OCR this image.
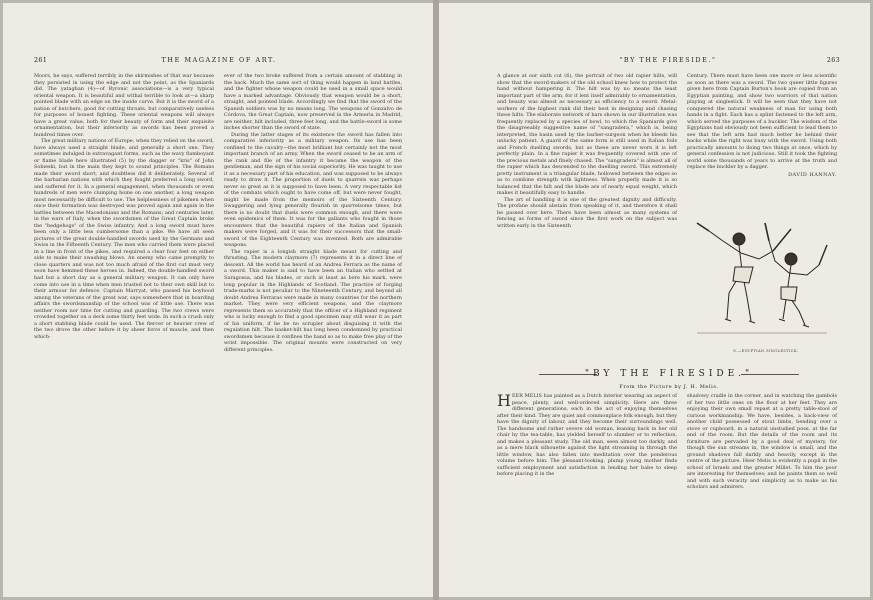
261	THE MAGAZINE OF ART.

Moors, he says, suffered terribly in the skirmishes of that war because they persisted in using the edge and not the point, as the Spaniards did. The yataghan (4)—of Byronic associations—is a very typical oriental weapon. It is beautiful and withal terrible to look at—a sharp pointed blade with an edge on the inside curve. But it is the sword of a nation of butchers, good for cutting throats, but comparatively useless for purposes of honest fighting. These oriental weapons will always have a great value, both for their beauty of form and their exquisite ornamentation, but their inferiority as swords has been proved a hundred times over.

The great military nations of Europe, when they relied on the sword, have always used a straight blade, and generally a short one. They sometimes indulged in extravagant forms, such as the wavy flamboyant or flame blade here illustrated (5) by the dagger or "kris" of John Sobieski, but in the main they kept to sound principles. The Romans made their sword short, and doubtless did it deliberately. Several of the barbarian nations with which they fought preferred a long sword, and suffered for it. In a general engagement, when thousands or even hundreds of men were clumping home on one another, a long weapon most necessarily be difficult to use. The helplessness of pikemen when once their formation was destroyed was proved again and again in the battles between the Macedonians and the Romans; and centuries later, in the wars of Italy, when the swordsmen of the Great Captain broke the "hedgehogs" of the Swiss infantry. And a long sword must have been only a little less cumbersome than a pike. We have all seen pictures of the great double-handled swords used by the Germans and Swiss in the Fifteenth Century. The men who carried them were placed in a line in front of the pikes, and required a clear four feet on either side to make their swashing blows. An enemy who came promptly to close quarters and was not too much afraid of the first cut must very soon have hemmed these heroes in. Indeed, the double-handled sword had but a short day as a general military weapon. It can only have come into use in a time when men trusted not to their own skill but to their armour for defence. Captain Marryat, who passed his boyhood among the veterans of the great war, says somewhere that in boarding affairs the swordsmanship of the school was of little use. There was neither room nor time for cutting and guarding. The two crews were crowded together on a deck some thirty feet wide. In such a crush only a short stabbing blade could be used. The fiercer or heavier crew of the two drove the other before it by sheer force of muscle, and then which-

ever of the two broke suffered from a certain amount of stabbing in the back. Much the same sort of thing would happen in land battles, and the fighter whose weapon could be used in a small space would have a marked advantage. Obviously that weapon would be a short, straight, and pointed blade. Accordingly we find that the sword of the Spanish soldiers was by no means long. The weapons of Gonzalvo de Córdova, the Great Captain, now preserved in the Armeria in Madrid, are neither, hilt included, three feet long, and the battle-sword is some inches shorter than the sword of state.

During the latter stages of its existence the sword has fallen into comparative inferiority as a military weapon. Its use has been confined to the cavalry—the most brilliant but certainly not the most important branch of an army. When the sword ceased to be an arm of the rank and file of the infantry it became the weapon of the gentleman, and the sign of his social superiority. He was taught to use it as a necessary part of his education, and was supposed to be always ready to draw it. The proportion of duels to quarrels was perhaps never so great as it is supposed to have been. A very respectable list of the combats which ought to have come off, but were never fought, might be made from the memoirs of the Sixteenth Century. Swaggering and lying generally flourish in quarrelsome times, but there is no doubt that duels were common enough, and there were even epidemics of them. It was for the gallants who fought in those encounters that the beautiful rapiers of the Italian and Spanish makers were forged, and it was for their successors that the small-sword of the Eighteenth Century was invented. Both are admirable weapons.

The rapier is a longish straight blade meant for cutting and thrusting. The modern claymore (7) represents it in a direct line of descent. All the world has heard of an Andrea Ferrara as the name of a sword. This maker is said to have been an Italian who settled at Saragossa, and his blades, or such at least as bore his mark, were long popular in the Highlands of Scotland. The practice of forging trade-marks is not peculiar to the Nineteenth Century, and beyond all doubt Andrea Ferraras were made in many countries for the northern market. They were very efficient weapons, and the claymore represents them so accurately that the officer of a Highland regiment who is lucky enough to find a good specimen may still wear it as part of his uniform, if he be no scrupler about disguising it with the regulation hilt. The basket-hilt has long been condemned by practical swordsmen because it confines the hand so as to make free play of the wrist impossible. The original mounts were constructed on very different principles.

"BY THE FIRESIDE."	263

A glance at our sixth cut (6), the portrait of two old rapier hilts, will show that the sword-makers of the old school knew how to protect the hand without hampering it. The hilt was by no means the least important part of the arm, for it lent itself admirably to ornamentation, and beauty was almost as necessary as efficiency to a sword. Metal-workers of the highest rank did their best in designing and chasing these hilts. The elaborate network of bars shown in our illustration was frequently replaced by a species of bowl, to which the Spaniards give the disagreeably suggestive name of "sangradera," which is, being interpreted, the basin used by the barber-surgeon when he bleeds his unlucky patient. A guard of the same form is still used in Italian foils and French duelling swords, but as these are never worn it is left perfectly plain. In a fine rapier it was frequently covered with one of the precious metals and finely chased. The "sangradera" is almost all of the rapier which has descended to the duelling sword. This extremely pretty instrument is a triangular blade, hollowed between the edges so as to combine strength with lightness. When properly made it is so balanced that the hilt and the blade are of nearly equal weight, which makes it beautifully easy to handle.

The art of handling it is one of the greatest dignity and difficulty. The profane should abstain from speaking of it, and therefore it shall be passed over here. There have been almost as many systems of fencing as forms of sword since the first work on the subject was written early in the Sixteenth

Century. There must have been one more or less scientific as soon as there was a sword. The two queer little figures given here from Captain Burton's book are copied from an Egyptian painting, and show two warriors of that nation playing at singlestick. It will be seen that they have not conquered the natural weakness of man for using both hands in a fight. Each has a splint fastened to the left arm, which served the purposes of a buckler. The wisdom of the Egyptians had obviously not been sufficient to lead them to see that the left arm had much better be behind their backs while the right was busy with the sword. Using both practically amounts to doing two things at once, which by general confession is not judicious. Still it took the fighting world some thousands of years to arrive at the truth and replace the buckler by a dagger.

DAVID HANNAY.

8.—EGYPTIAN SINGLESTICK.
"BY THE FIRESIDE."
From the Picture by J. H. Melis.

HEER MELIS has painted as a Dutch interior wearing an aspect of peace, plenty, and well-ordered simplicity. Here are three different generations, each in the act of enjoying themselves after their kind. They are quiet and commonplace folk enough, but they have the dignity of labour, and they become their surroundings well. The handsome and rather severe old woman, leaning back in her old chair by the tea-table, has yielded herself to slumber or to reflection, and makes a pleasant study. The old man, seen almost too darkly, and as a mere black silhouette against the light streaming in through the little window, has also fallen into meditation over the ponderous volume before him. The pleasant-looking, plump young mother finds sufficient employment and satisfaction in lending her babe to sleep before placing it in the

shadowy cradle in the corner, and in watching the gambols of her two little ones on the floor at her feet. They are enjoying their own small repast at a pretty table-stool of curious workmanship. We have, besides, a back-view of another child possessed of stout limbs, bending over a stove or cupboard, in a natural unstudied pose, at the far end of the room. But the details of the room and its furniture are pervaded by a good deal of mystery, for though the sun streams in, the window is small, and the ground shadows fall darkly and heavily, except in the centre of the picture. Heer Melis is evidently a pupil in the school of Israels and the greater Millet. To him the poor are interesting for themselves; and he paints them so well and with such veracity and simplicity as to make us his scholars and admirers.
